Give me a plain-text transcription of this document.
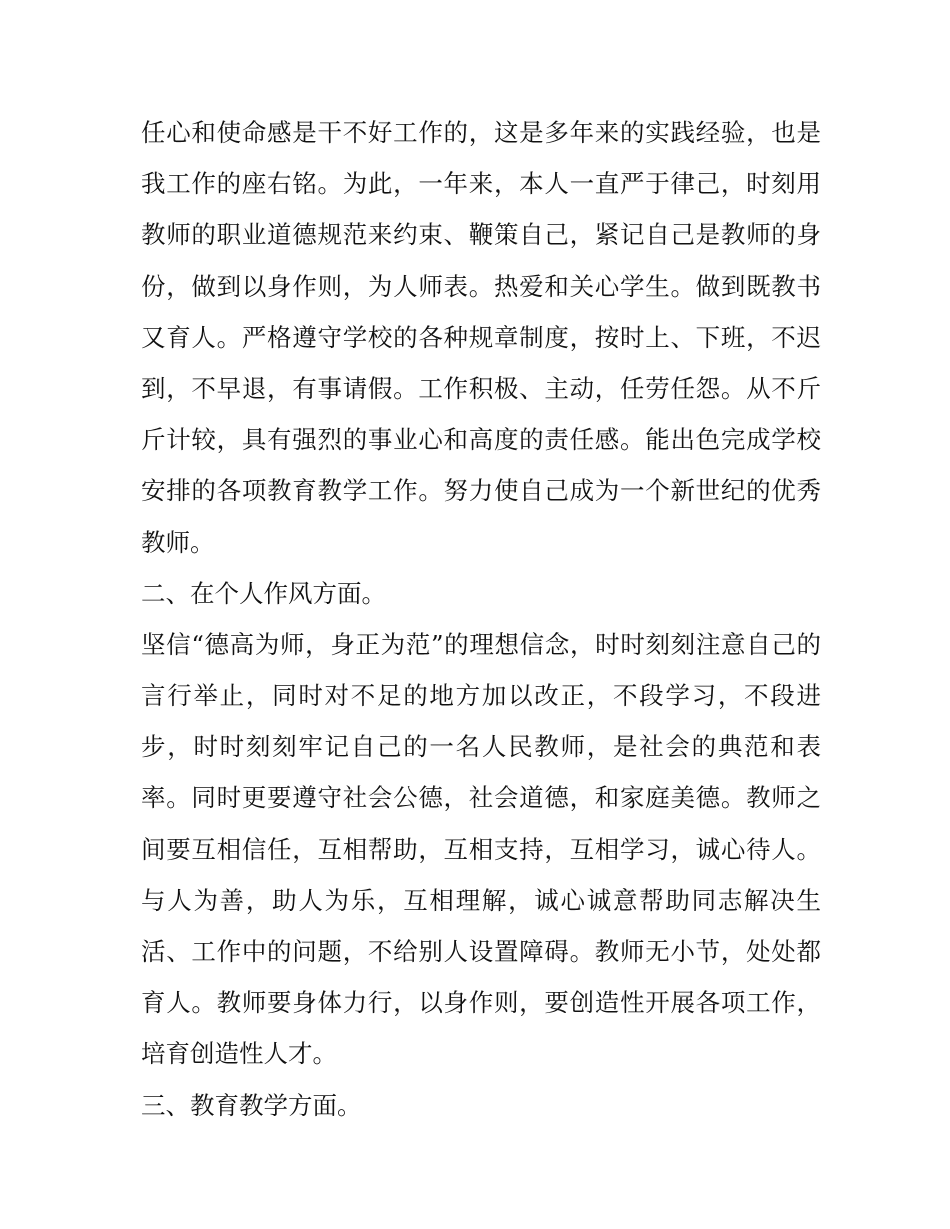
任心和使命感是干不好工作的，这是多年来的实践经验，也是
我工作的座右铭。为此，一年来，本人一直严于律己，时刻用
教师的职业道德规范来约束、鞭策自己，紧记自己是教师的身
份，做到以身作则，为人师表。热爱和关心学生。做到既教书
又育人。严格遵守学校的各种规章制度，按时上、下班，不迟
到，不早退，有事请假。工作积极、主动，任劳任怨。从不斤
斤计较，具有强烈的事业心和高度的责任感。能出色完成学校
安排的各项教育教学工作。努力使自己成为一个新世纪的优秀
教师。
二、在个人作风方面。
坚信“德高为师，身正为范”的理想信念，时时刻刻注意自己的
言行举止，同时对不足的地方加以改正，不段学习，不段进
步，时时刻刻牢记自己的一名人民教师，是社会的典范和表
率。同时更要遵守社会公德，社会道德，和家庭美德。教师之
间要互相信任，互相帮助，互相支持，互相学习，诚心待人。
与人为善，助人为乐，互相理解，诚心诚意帮助同志解决生
活、工作中的问题，不给别人设置障碍。教师无小节，处处都
育人。教师要身体力行，以身作则，要创造性开展各项工作，
培育创造性人才。
三、教育教学方面。
